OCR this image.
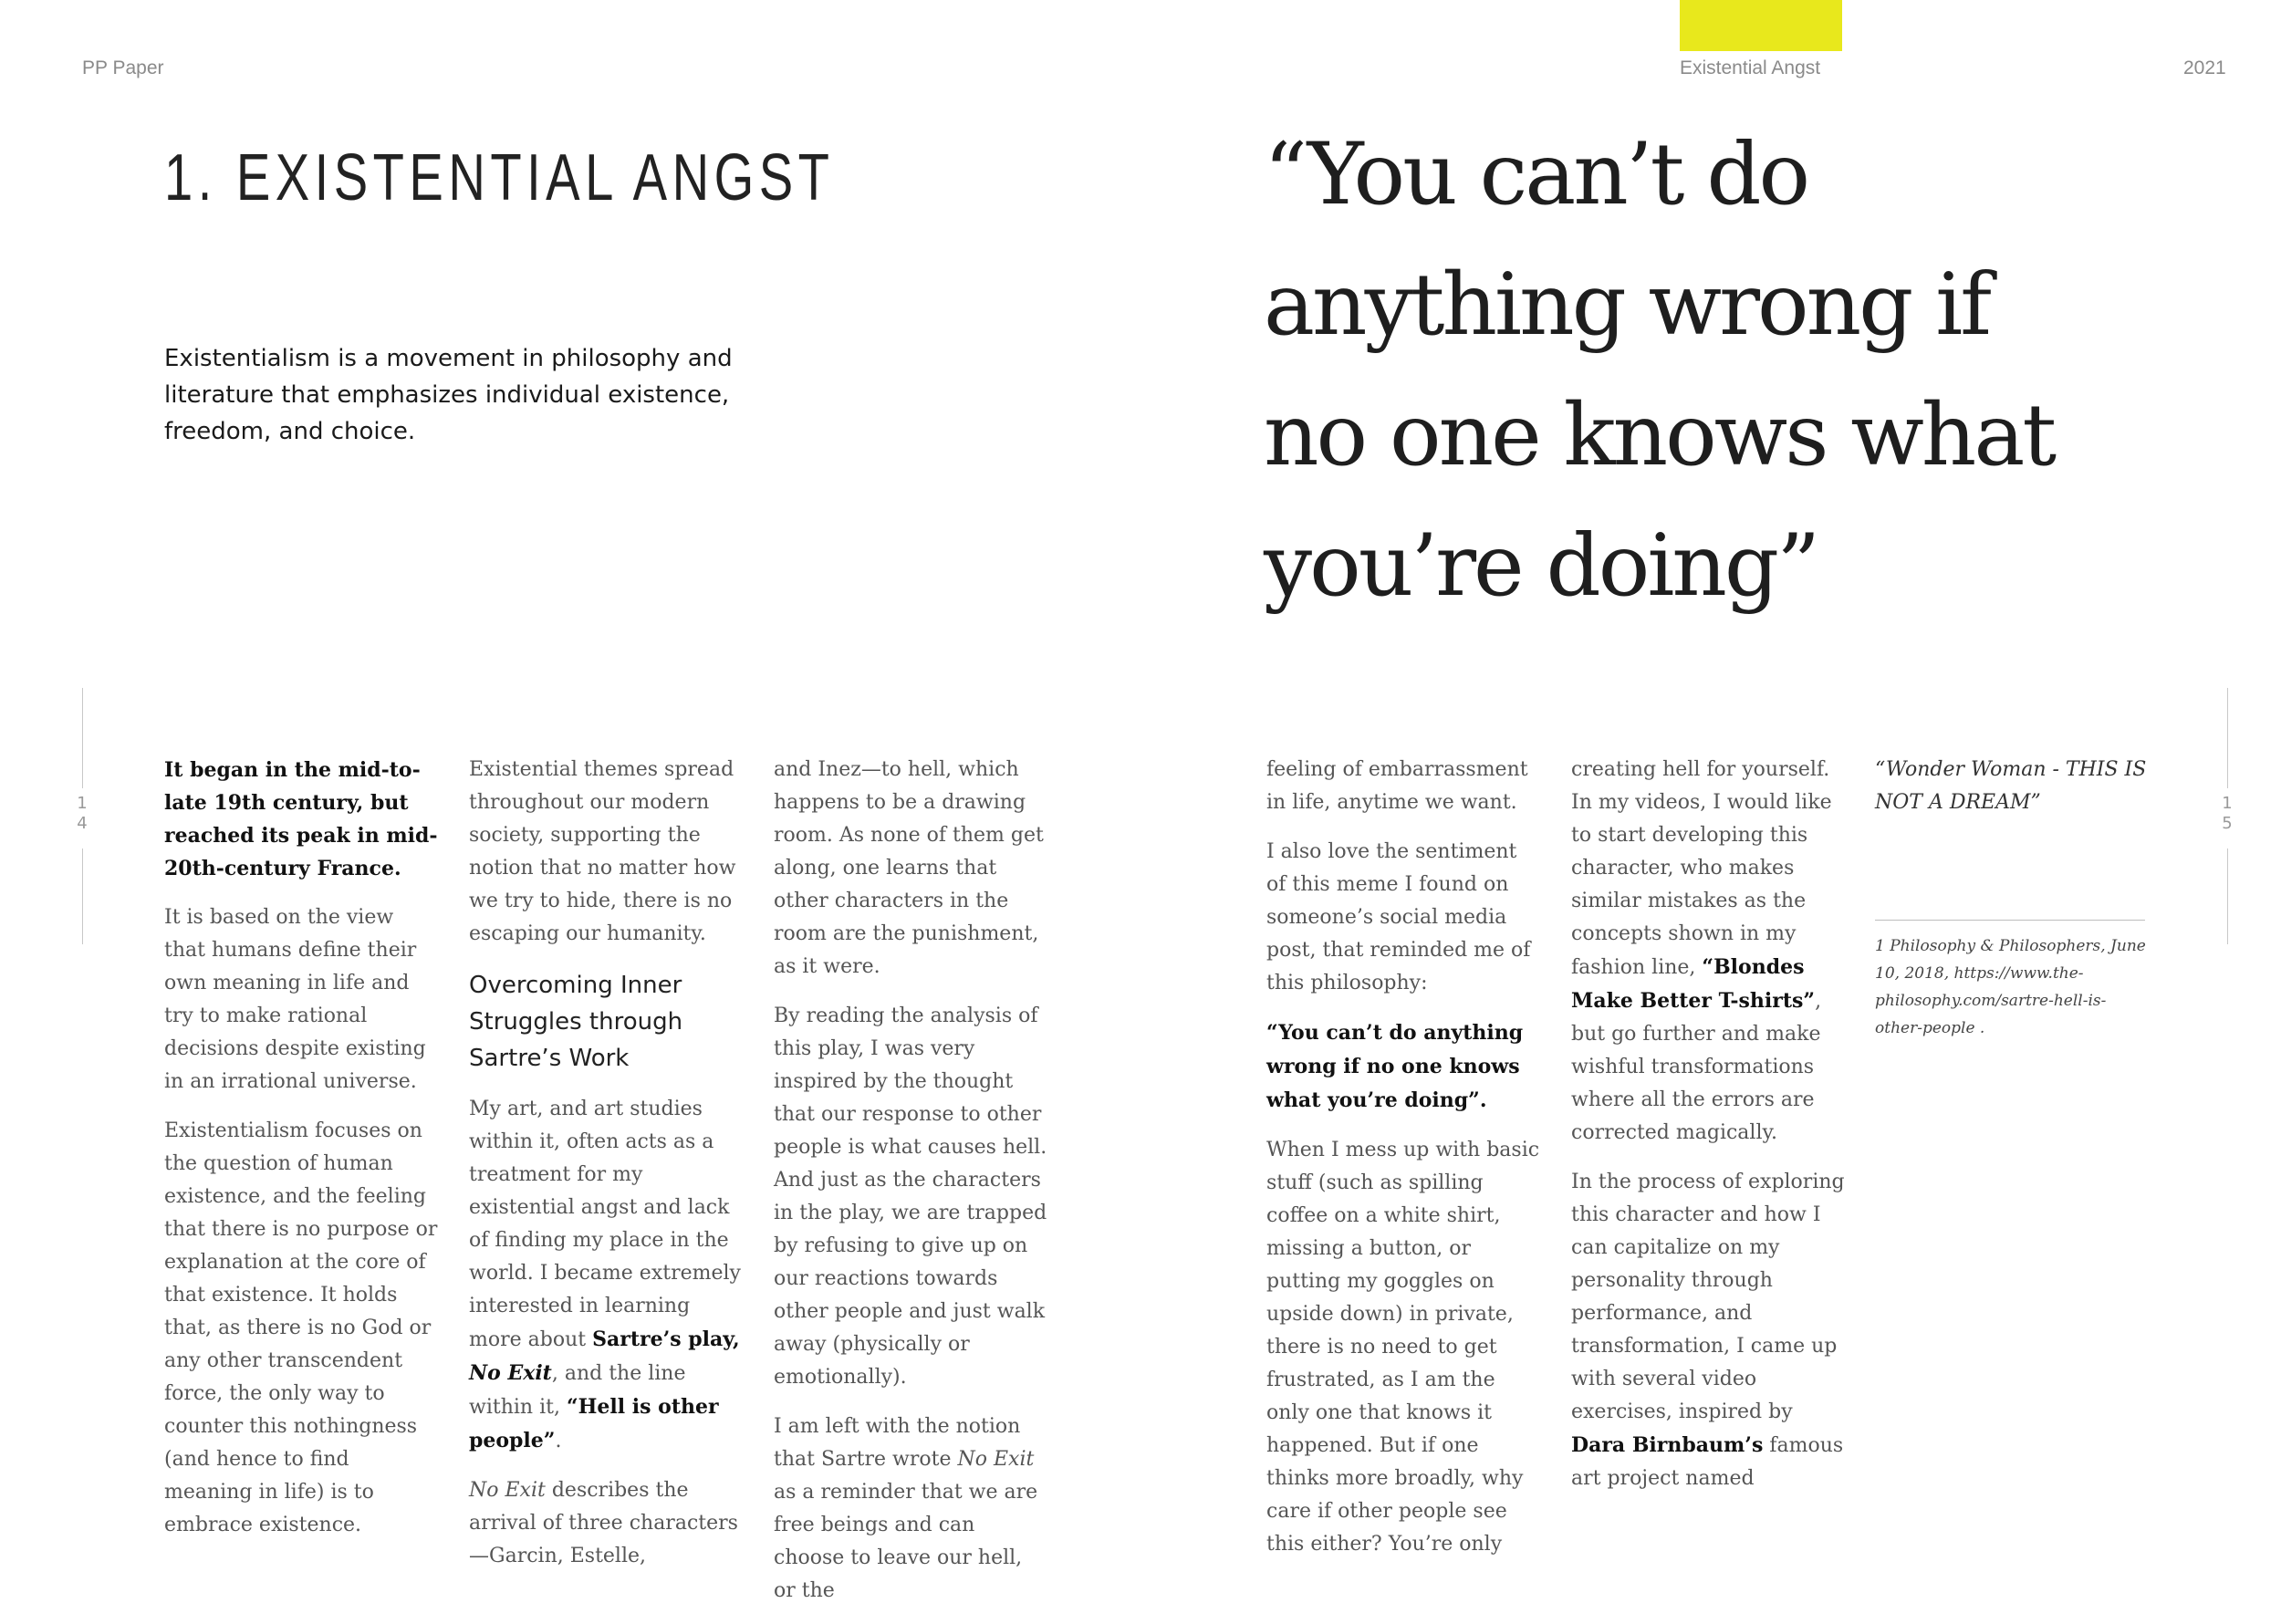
PP Paper	Existential Angst	2021
1. EXISTENTIAL ANGST
Existentialism is a movement in philosophy and literature that emphasizes individual existence, freedom, and choice.
“You can’t do anything wrong if no one knows what you’re doing”
1
4
1
5

It began in the mid-to-late 19th century, but reached its peak in mid-20th-century France.

It is based on the view that humans define their own meaning in life and try to make rational decisions despite existing in an irrational universe.

Existentialism focuses on the question of human existence, and the feeling that there is no purpose or explanation at the core of that existence. It holds that, as there is no God or any other transcendent force, the only way to counter this nothingness (and hence to find meaning in life) is to embrace existence.

Existential themes spread throughout our modern society, supporting the notion that no matter how we try to hide, there is no escaping our humanity.

Overcoming Inner Struggles through Sartre’s Work

My art, and art studies within it, often acts as a treatment for my existential angst and lack of finding my place in the world. I became extremely interested in learning more about Sartre’s play, No Exit, and the line within it, “Hell is other people”.

No Exit describes the arrival of three characters—Garcin, Estelle,

and Inez—to hell, which happens to be a drawing room. As none of them get along, one learns that other characters in the room are the punishment, as it were.

By reading the analysis of this play, I was very inspired by the thought that our response to other people is what causes hell. And just as the characters in the play, we are trapped by refusing to give up on our reactions towards other people and just walk away (physically or emotionally).

I am left with the notion that Sartre wrote No Exit as a reminder that we are free beings and can choose to leave our hell, or the

feeling of embarrassment in life, anytime we want.

I also love the sentiment of this meme I found on someone’s social media post, that reminded me of this philosophy:

“You can’t do anything wrong if no one knows what you’re doing”.

When I mess up with basic stuff (such as spilling coffee on a white shirt, missing a button, or putting my goggles on upside down) in private, there is no need to get frustrated, as I am the only one that knows it happened. But if one thinks more broadly, why care if other people see this either? You’re only

creating hell for yourself. In my videos, I would like to start developing this character, who makes similar mistakes as the concepts shown in my fashion line, “Blondes Make Better T-shirts”, but go further and make wishful transformations where all the errors are corrected magically.

In the process of exploring this character and how I can capitalize on my personality through performance, and transformation, I came up with several video exercises, inspired by Dara Birnbaum’s famous art project named

“Wonder Woman - THIS IS NOT A DREAM”
1 Philosophy & Philosophers, June 10, 2018, https://www.the-philosophy.com/sartre-hell-is-other-people .
